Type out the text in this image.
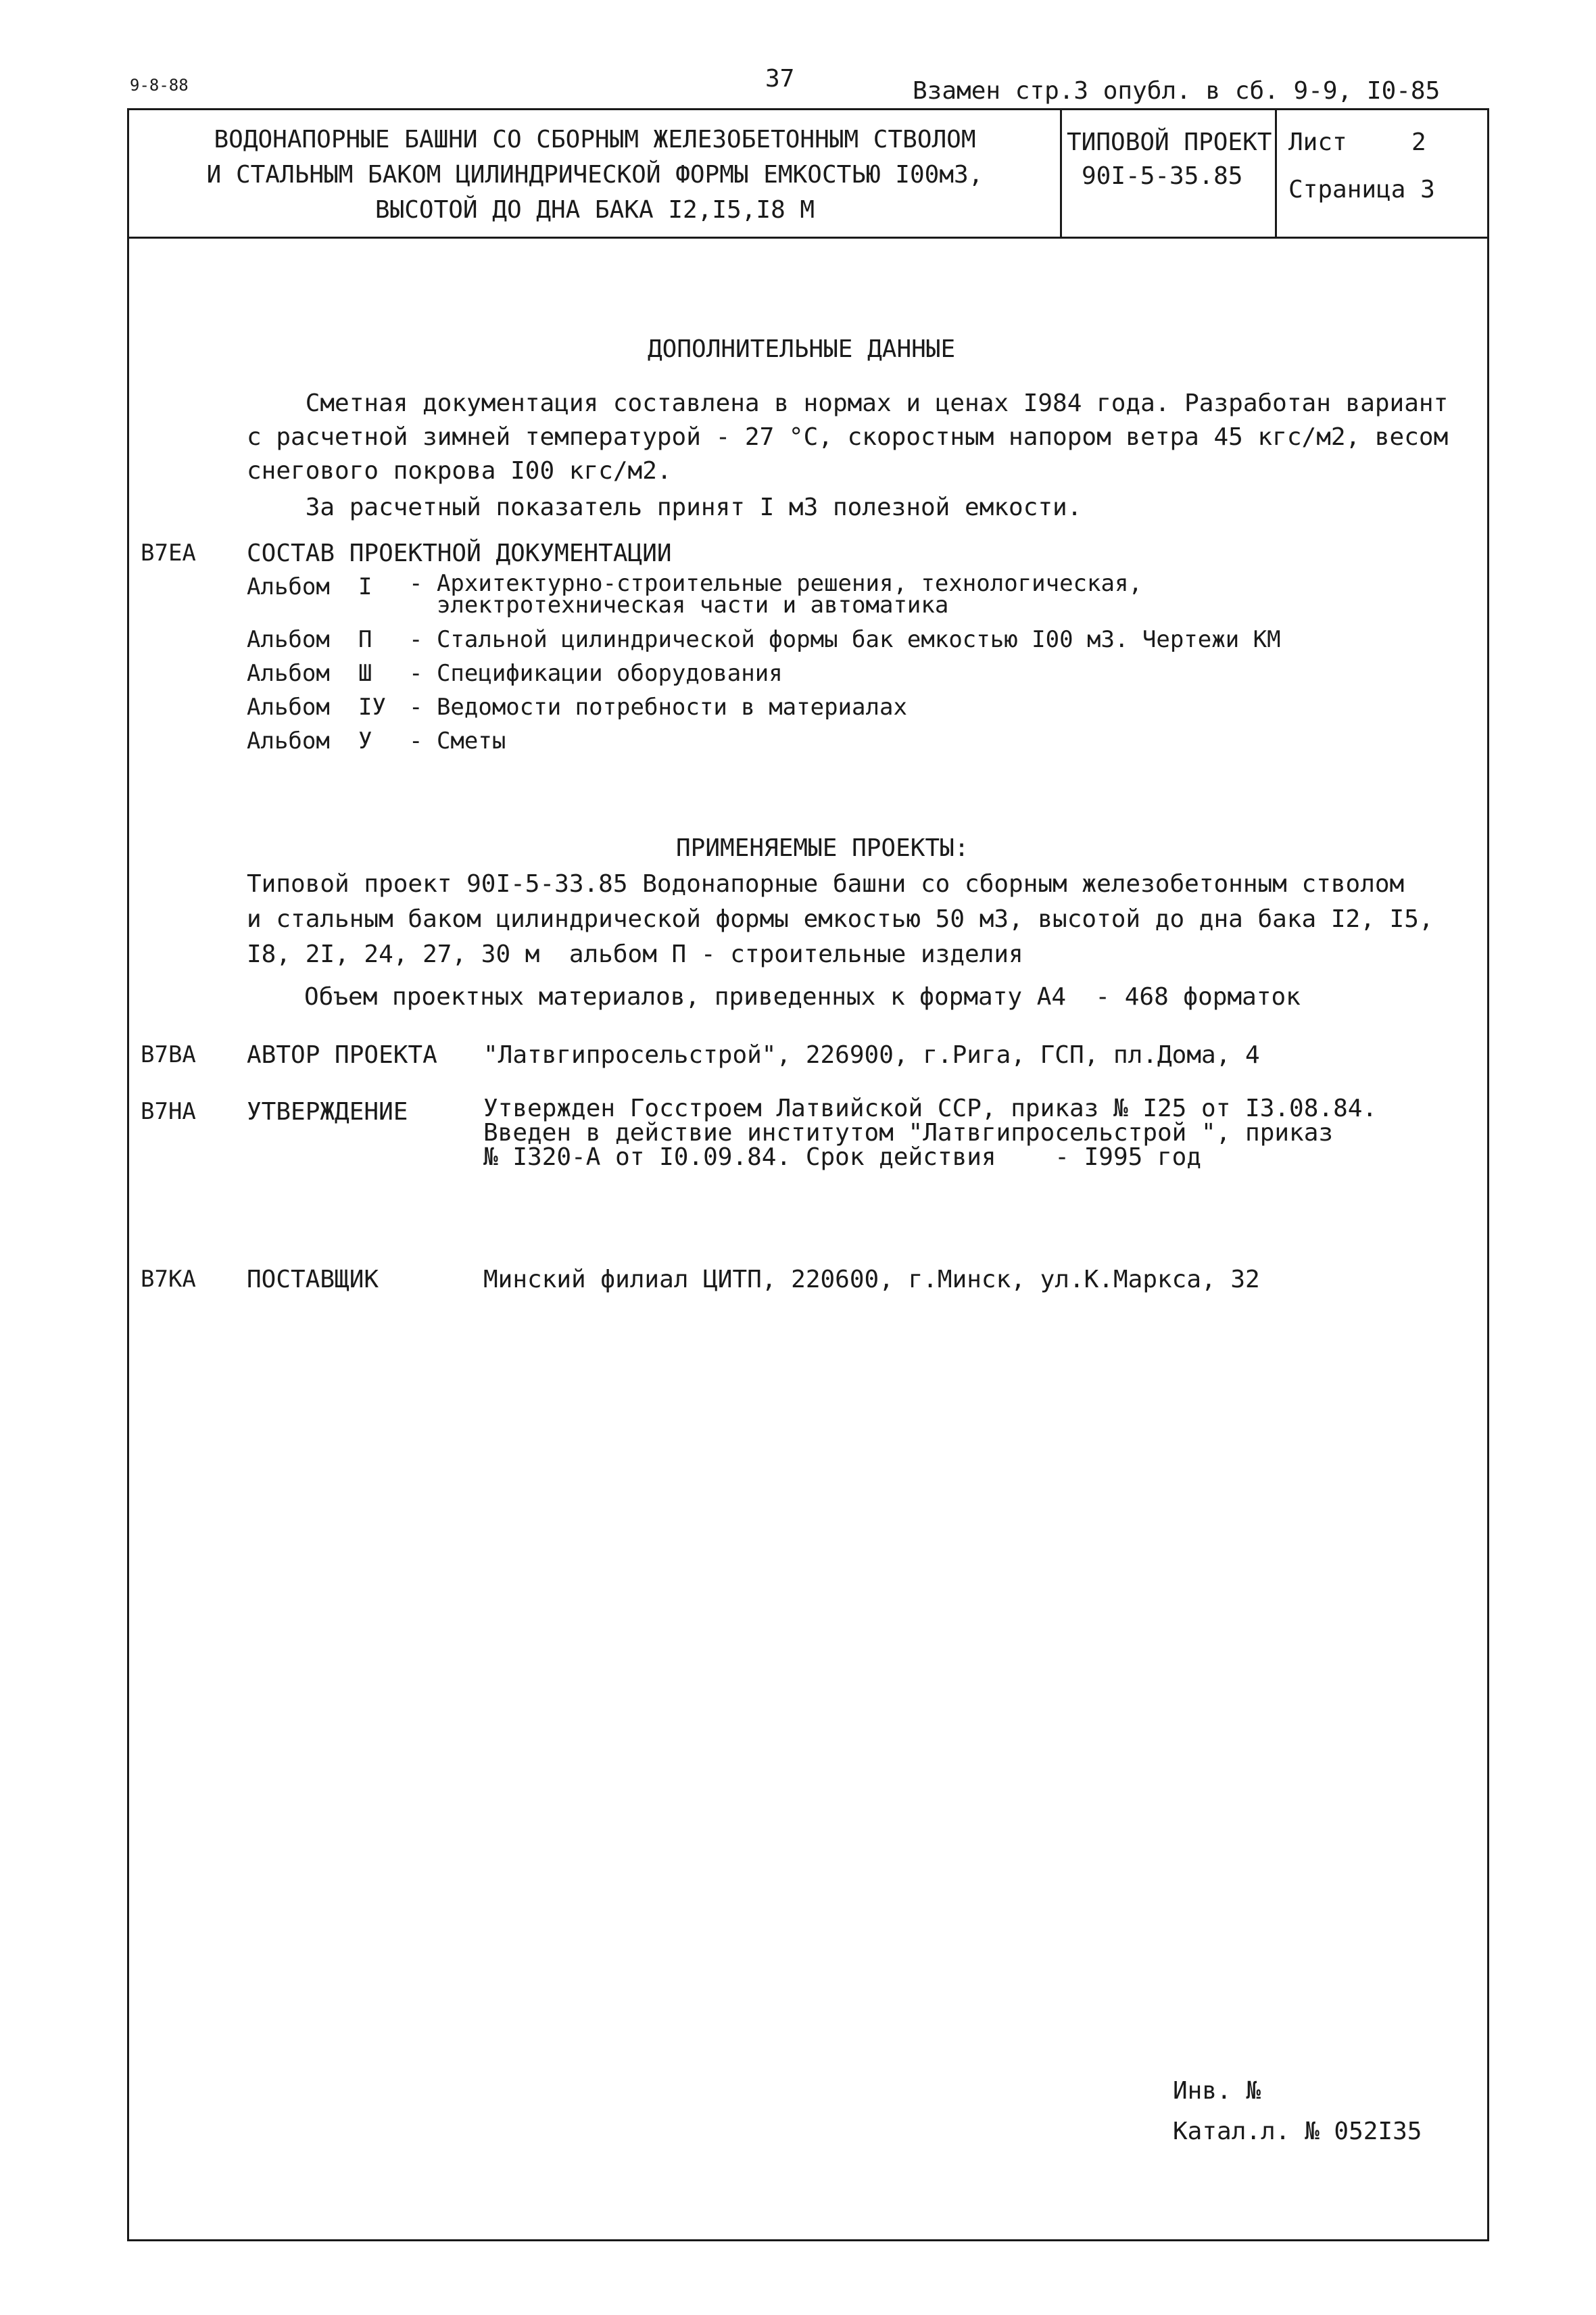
9-8-88	37	Взамен стр.3 опубл. в сб. 9-9, I0-85
ВОДОНАПОРНЫЕ БАШНИ СО СБОРНЫМ ЖЕЛЕЗОБЕТОННЫМ СТВОЛОМ
И СТАЛЬНЫМ БАКОМ ЦИЛИНДРИЧЕСКОЙ ФОРМЫ ЕМКОСТЬЮ I00м3,
ВЫСОТОЙ ДО ДНА БАКА I2,I5,I8 М
ТИПОВОЙ ПРОЕКТ
90I-5-35.85
Лист	2
Страница 3
ДОПОЛНИТЕЛЬНЫЕ ДАННЫЕ
Сметная документация составлена в нормах и ценах I984 года. Разработан вариант
с расчетной зимней температурой - 27 °С, скоростным напором ветра 45 кгс/м2, весом
снегового покрова I00 кгс/м2.
За расчетный показатель принят I м3 полезной емкости.
В7ЕА СОСТАВ ПРОЕКТНОЙ ДОКУМЕНТАЦИИ
Альбом I - Архитектурно-строительные решения, технологическая,
электротехническая части и автоматика
Альбом П - Стальной цилиндрической формы бак емкостью I00 м3. Чертежи КМ
Альбом Ш - Спецификации оборудования
Альбом IУ - Ведомости потребности в материалах
Альбом У - Сметы
ПРИМЕНЯЕМЫЕ ПРОЕКТЫ:
Типовой проект 90I-5-33.85 Водонапорные башни со сборным железобетонным стволом
и стальным баком цилиндрической формы емкостью 50 м3, высотой до дна бака I2, I5,
I8, 2I, 24, 27, 30 м  альбом П - строительные изделия
Объем проектных материалов, приведенных к формату А4  - 468 форматок
В7ВА АВТОР ПРОЕКТА "Латвгипросельстрой", 226900, г.Рига, ГСП, пл.Дома, 4
В7НА УТВЕРЖДЕНИЕ	Утвержден Госстроем Латвийской ССР, приказ № I25 от I3.08.84.
Введен в действие институтом "Латвгипросельстрой ", приказ
№ I320-А от I0.09.84. Срок действия    - I995 год
В7КА ПОСТАВЩИК	Минский филиал ЦИТП, 220600, г.Минск, ул.К.Маркса, 32
Инв. №
Катал.л. № 052I35
